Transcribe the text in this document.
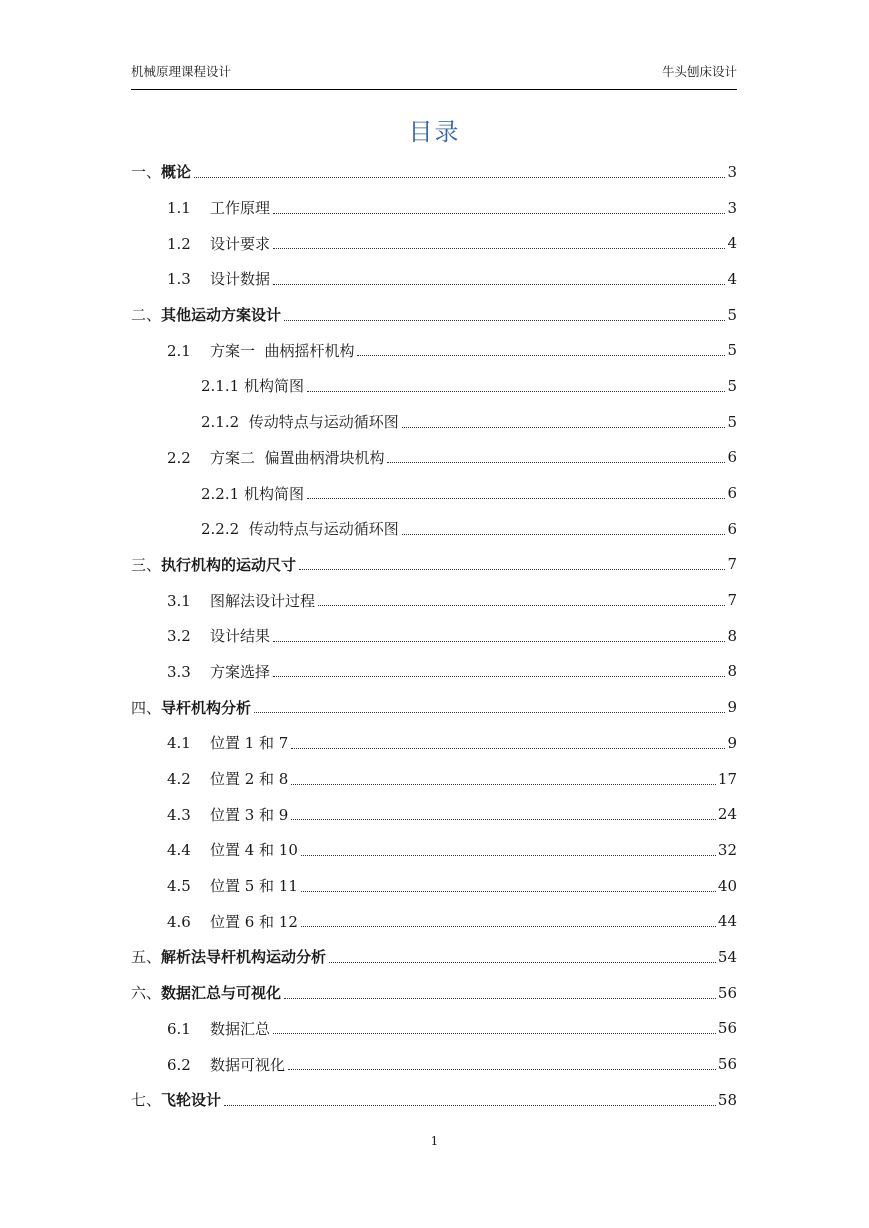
机械原理课程设计	牛头刨床设计
目录
一、概论	3
1.1 工作原理	3
1.2 设计要求	4
1.3 设计数据	4
二、其他运动方案设计	5
2.1 方案一  曲柄摇杆机构	5
2.1.1 机构简图	5
2.1.2 传动特点与运动循环图	5
2.2 方案二  偏置曲柄滑块机构	6
2.2.1 机构简图	6
2.2.2 传动特点与运动循环图	6
三、执行机构的运动尺寸	7
3.1 图解法设计过程	7
3.2 设计结果	8
3.3 方案选择	8
四、导杆机构分析	9
4.1 位置 1 和 7	9
4.2 位置 2 和 8	17
4.3 位置 3 和 9	24
4.4 位置 4 和 10	32
4.5 位置 5 和 11	40
4.6 位置 6 和 12	44
五、解析法导杆机构运动分析	54
六、数据汇总与可视化	56
6.1 数据汇总	56
6.2 数据可视化	56
七、飞轮设计	58
1
